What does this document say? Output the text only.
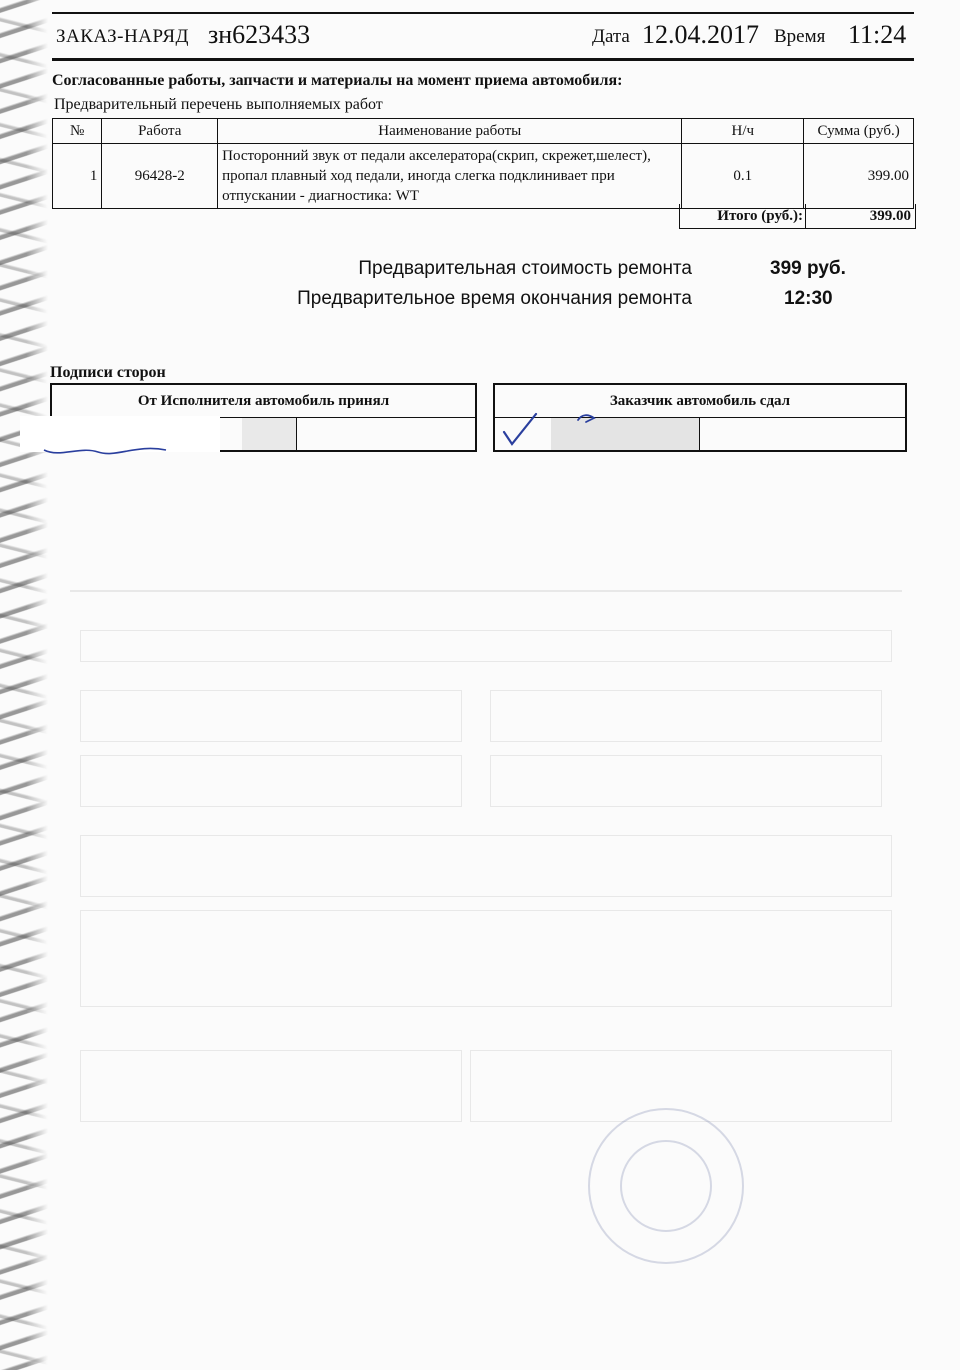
ЗАКАЗ-НАРЯД зн623433	Дата 12.04.2017 Время 11:24
Согласованные работы, запчасти и материалы на момент приема автомобиля:
Предварительный перечень выполняемых работ
№	Работа	Наименование работы	Н/ч	Сумма (руб.)
1	96428-2	Посторонний звук от педали акселератора(скрип, скрежет,шелест), пропал плавный ход педали, иногда слегка подклинивает при отпускании - диагностика: WT	0.1	399.00
Итого (руб.):	399.00
Предварительная стоимость ремонта	399 руб.
Предварительное время окончания ремонта	12:30
Подписи сторон
От Исполнителя автомобиль принял	Заказчик автомобиль сдал
